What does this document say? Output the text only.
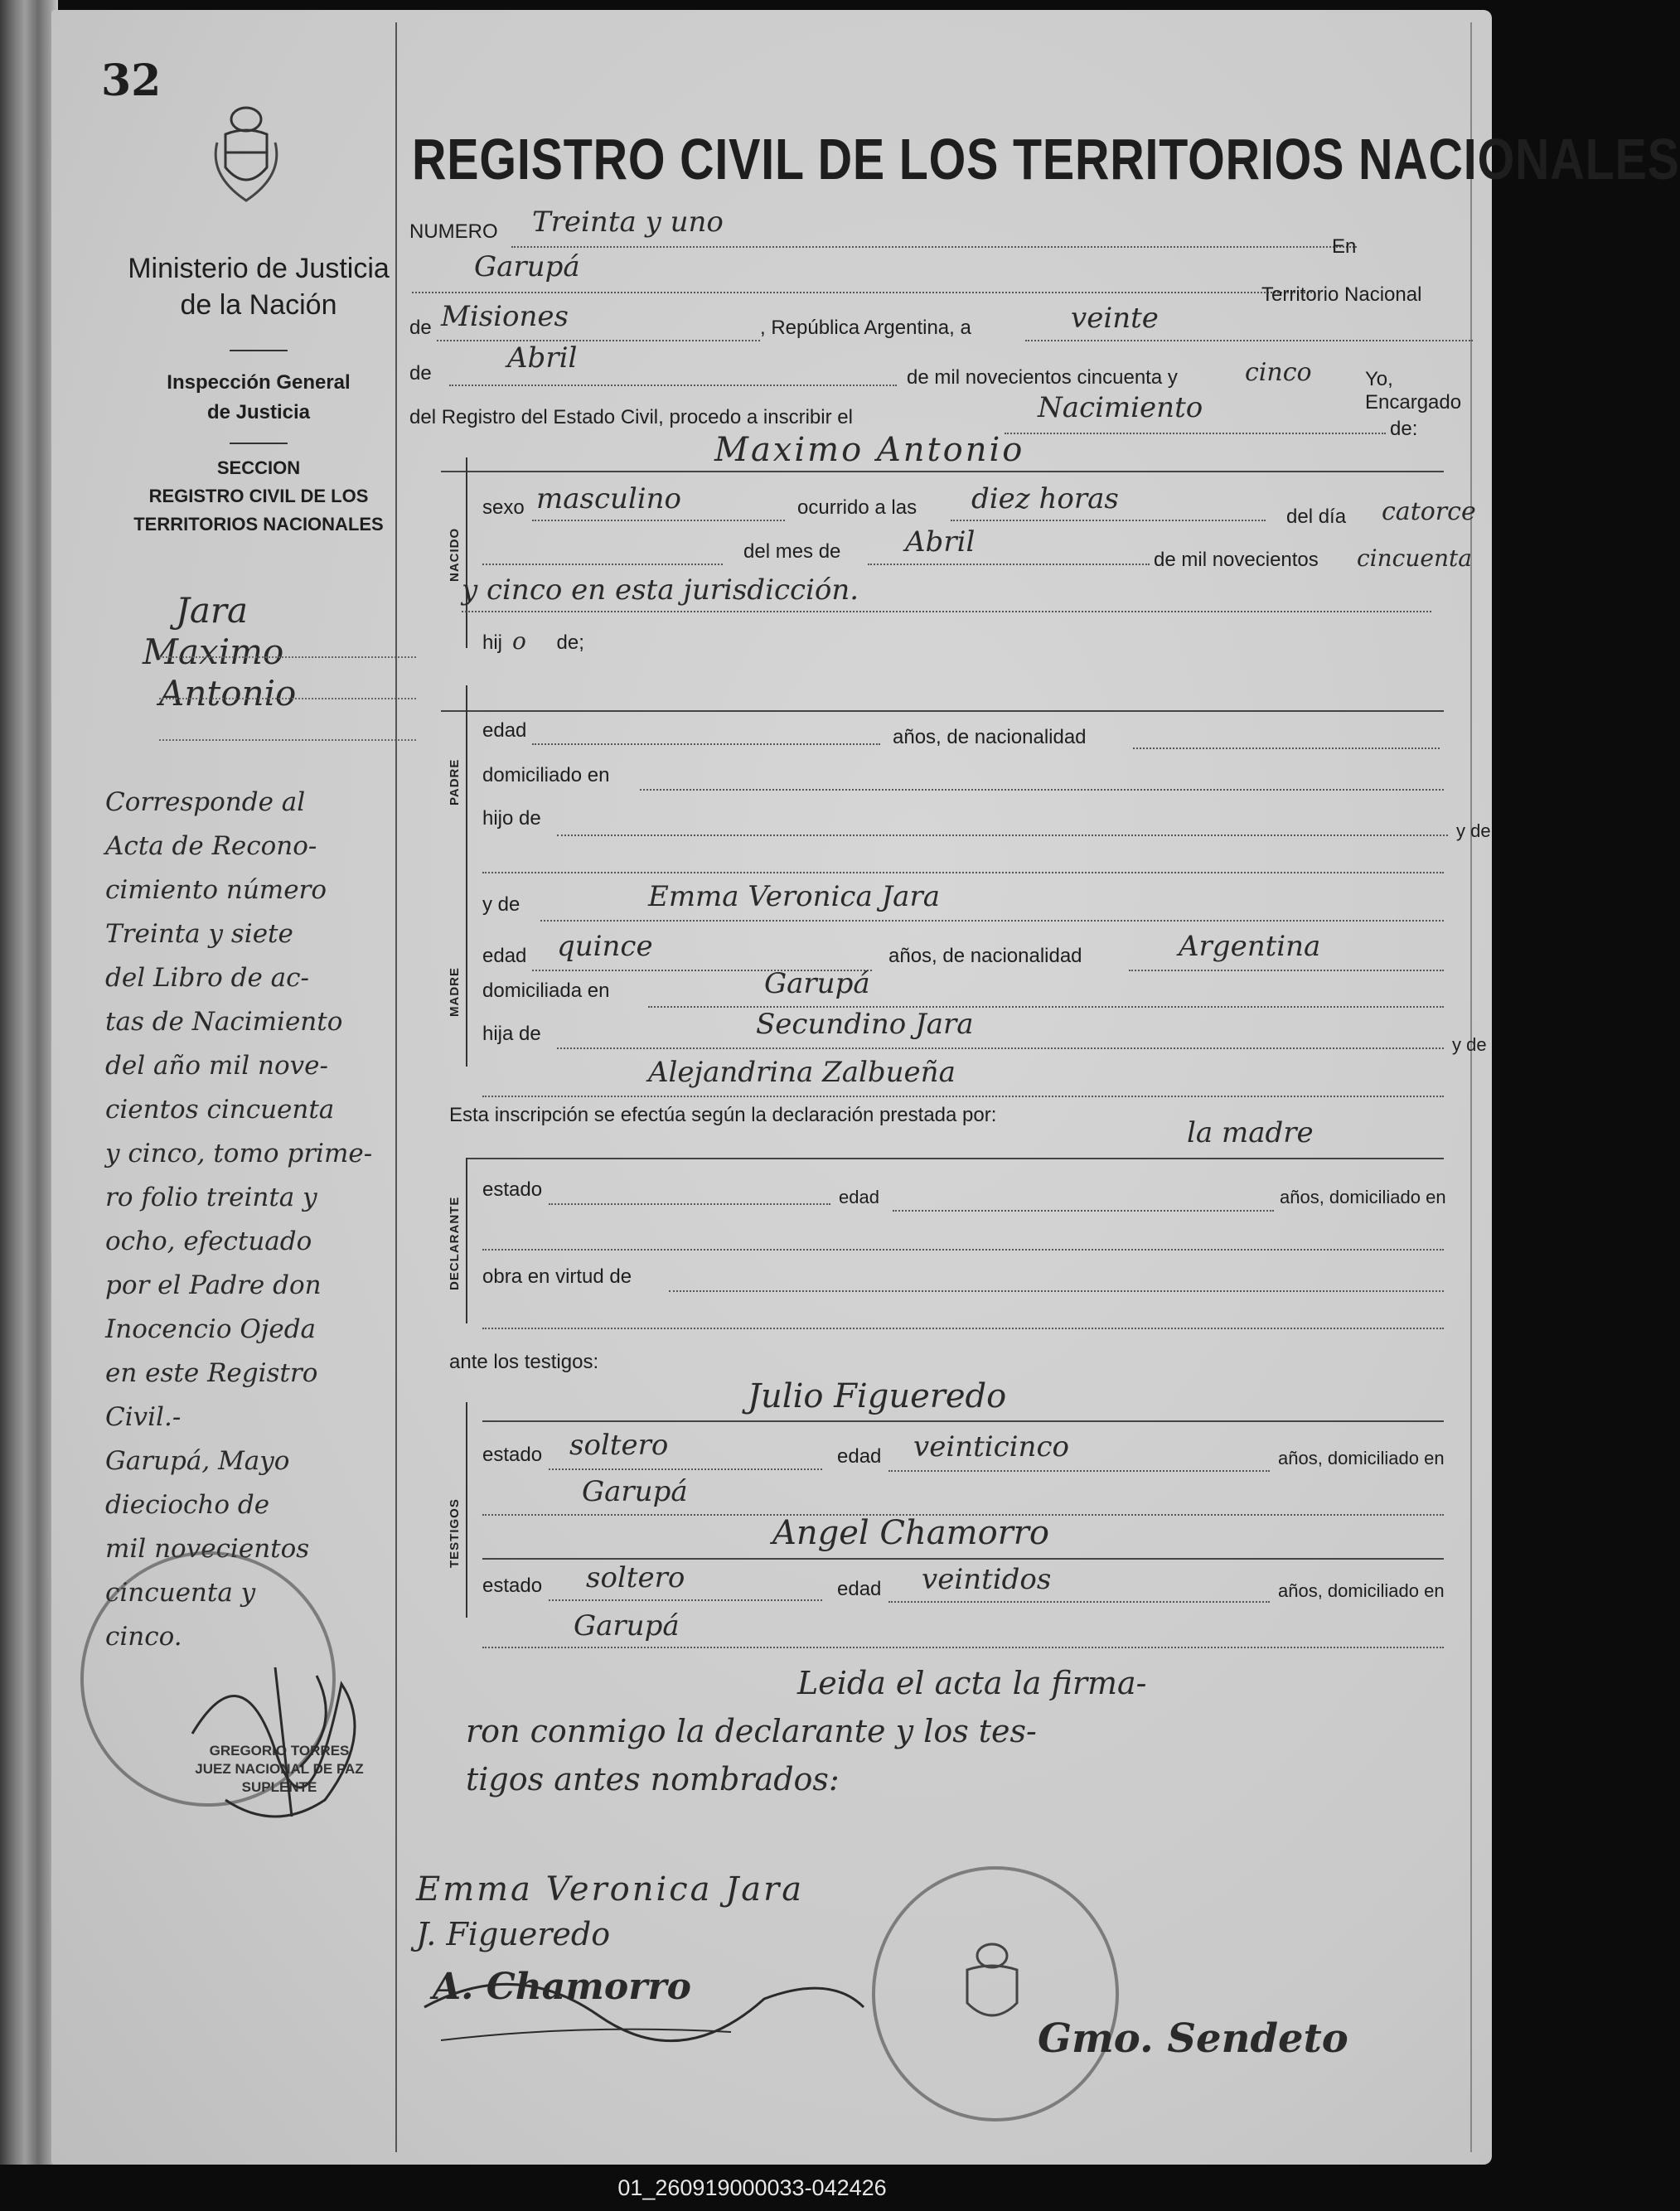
32
Ministerio de Justicia
de la Nación
Inspección General
de Justicia
SECCION
REGISTRO CIVIL DE LOS
TERRITORIOS NACIONALES
Jara
Maximo
Antonio
Corresponde al
Acta de Recono-
cimiento número
Treinta y siete
del Libro de ac-
tas de Nacimiento
del año mil nove-
cientos cincuenta
y cinco, tomo prime-
ro folio treinta y
ocho, efectuado
por el Padre don
Inocencio Ojeda
en este Registro
Civil.-
Garupá, Mayo
dieciocho de
mil novecientos
cincuenta y
cinco.
GREGORIO TORRES
JUEZ NACIONAL DE PAZ
SUPLENTE
REGISTRO CIVIL DE LOS TERRITORIOS NACIONALES
NUMERO Treinta y uno
En
Garupá
Territorio Nacional
de Misiones	, República Argentina, a	veinte
de	Abril
de mil novecientos cincuenta y	cinco	Yo, Encargado
del Registro del Estado Civil, procedo a inscribir el	Nacimiento
de:
Maximo Antonio
NACIDO
sexo masculino	ocurrido a las diez horas
del día catorce
del mes de Abril
de mil novecientos cincuenta
y cinco en esta jurisdicción.
hij o de;
PADRE
edad	años, de nacionalidad
domiciliado en
hijo de
y de
MADRE
y de	Emma Veronica Jara
edad quince	años, de nacionalidad	Argentina
domiciliada en	Garupá
hija de	Secundino Jara
y de
Alejandrina Zalbueña
Esta inscripción se efectúa según la declaración prestada por:
la madre
DECLARANTE
estado	edad	años, domiciliado en
obra en virtud de
ante los testigos:
TESTIGOS
Julio Figueredo
estado soltero	edad veinticinco	años, domiciliado en
Garupá
Angel Chamorro
estado soltero	edad veintidos	años, domiciliado en
Garupá
Leida el acta la firma-
ron conmigo la declarante y los tes-
tigos antes nombrados:
Emma Veronica Jara
J. Figueredo
A. Chamorro
Gmo. Sendeto
01_260919000033-042426
